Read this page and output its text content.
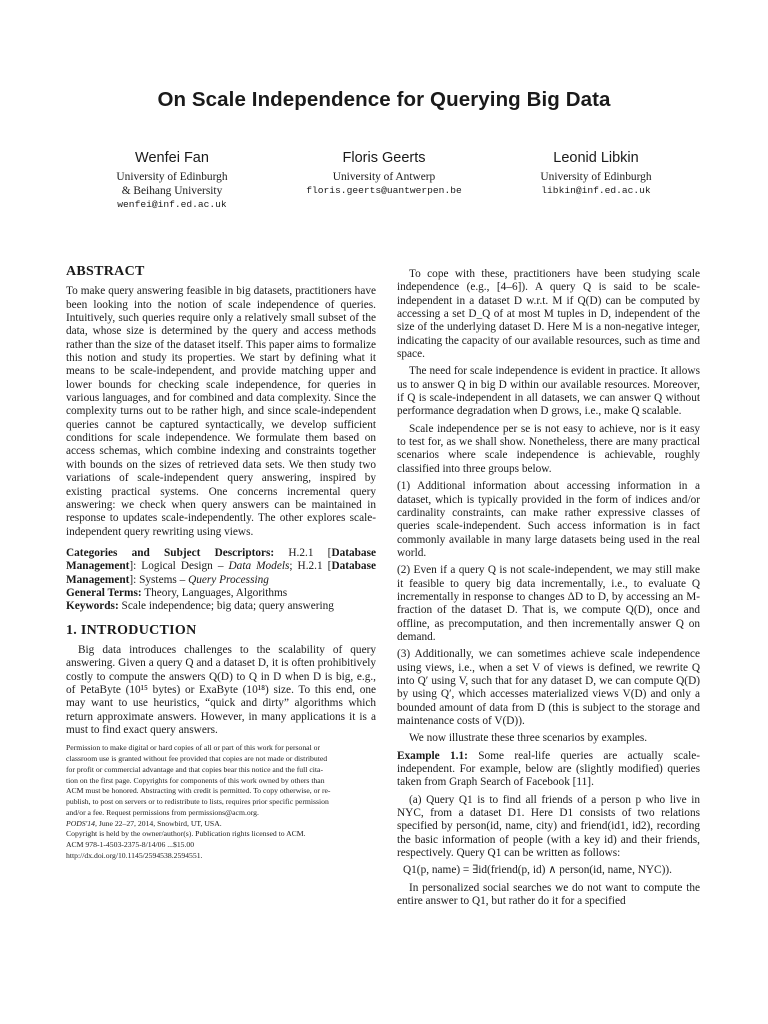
On Scale Independence for Querying Big Data
Wenfei Fan
University of Edinburgh
& Beihang University
wenfei@inf.ed.ac.uk
Floris Geerts
University of Antwerp
floris.geerts@uantwerpen.be
Leonid Libkin
University of Edinburgh
libkin@inf.ed.ac.uk
ABSTRACT

To make query answering feasible in big datasets, practitioners have been looking into the notion of scale independence of queries. Intuitively, such queries require only a relatively small subset of the data, whose size is determined by the query and access methods rather than the size of the dataset itself. This paper aims to formalize this notion and study its properties. We start by defining what it means to be scale-independent, and provide matching upper and lower bounds for checking scale independence, for queries in various languages, and for combined and data complexity. Since the complexity turns out to be rather high, and since scale-independent queries cannot be captured syntactically, we develop sufficient conditions for scale independence. We formulate them based on access schemas, which combine indexing and constraints together with bounds on the sizes of retrieved data sets. We then study two variations of scale-independent query answering, inspired by existing practical systems. One concerns incremental query answering: we check when query answers can be maintained in response to updates scale-independently. The other explores scale-independent query rewriting using views.

Categories and Subject Descriptors: H.2.1 [Database Management]: Logical Design – Data Models; H.2.1 [Database Management]: Systems – Query Processing

General Terms: Theory, Languages, Algorithms

Keywords: Scale independence; big data; query answering

1. INTRODUCTION

Big data introduces challenges to the scalability of query answering. Given a query Q and a dataset D, it is often prohibitively costly to compute the answers Q(D) to Q in D when D is big, e.g., of PetaByte (10¹⁵ bytes) or ExaByte (10¹⁸) size. To this end, one may want to use heuristics, “quick and dirty” algorithms which return approximate answers. However, in many applications it is a must to find exact query answers.

Permission to make digital or hard copies of all or part of this work for personal or
classroom use is granted without fee provided that copies are not made or distributed
for profit or commercial advantage and that copies bear this notice and the full cita-
tion on the first page. Copyrights for components of this work owned by others than
ACM must be honored. Abstracting with credit is permitted. To copy otherwise, or re-
publish, to post on servers or to redistribute to lists, requires prior specific permission
and/or a fee. Request permissions from permissions@acm.org.
PODS'14, June 22–27, 2014, Snowbird, UT, USA.
Copyright is held by the owner/author(s). Publication rights licensed to ACM.
ACM 978-1-4503-2375-8/14/06 ...$15.00
http://dx.doi.org/10.1145/2594538.2594551.

To cope with these, practitioners have been studying scale independence (e.g., [4–6]). A query Q is said to be scale-independent in a dataset D w.r.t. M if Q(D) can be computed by accessing a set D_Q of at most M tuples in D, independent of the size of the underlying dataset D. Here M is a non-negative integer, indicating the capacity of our available resources, such as time and space.

The need for scale independence is evident in practice. It allows us to answer Q in big D within our available resources. Moreover, if Q is scale-independent in all datasets, we can answer Q without performance degradation when D grows, i.e., make Q scalable.

Scale independence per se is not easy to achieve, nor is it easy to test for, as we shall show. Nonetheless, there are many practical scenarios where scale independence is achievable, roughly classified into three groups below.

(1) Additional information about accessing information in a dataset, which is typically provided in the form of indices and/or cardinality constraints, can make rather expressive classes of queries scale-independent. Such access information is in fact commonly available in many large datasets being used in the real world.

(2) Even if a query Q is not scale-independent, we may still make it feasible to query big data incrementally, i.e., to evaluate Q incrementally in response to changes ΔD to D, by accessing an M-fraction of the dataset D. That is, we compute Q(D), once and offline, as precomputation, and then incrementally answer Q on demand.

(3) Additionally, we can sometimes achieve scale independence using views, i.e., when a set V of views is defined, we rewrite Q into Q′ using V, such that for any dataset D, we can compute Q(D) by using Q′, which accesses materialized views V(D) and only a bounded amount of data from D (this is subject to the storage and maintenance costs of V(D)).

We now illustrate these three scenarios by examples.

Example 1.1: Some real-life queries are actually scale-independent. For example, below are (slightly modified) queries taken from Graph Search of Facebook [11].

(a) Query Q1 is to find all friends of a person p who live in NYC, from a dataset D1. Here D1 consists of two relations specified by person(id, name, city) and friend(id1, id2), recording the basic information of people (with a key id) and their friends, respectively. Query Q1 can be written as follows:

Q1(p, name) = ∃id(friend(p, id) ∧ person(id, name, NYC)).

In personalized social searches we do not want to compute the entire answer to Q1, but rather do it for a specified
